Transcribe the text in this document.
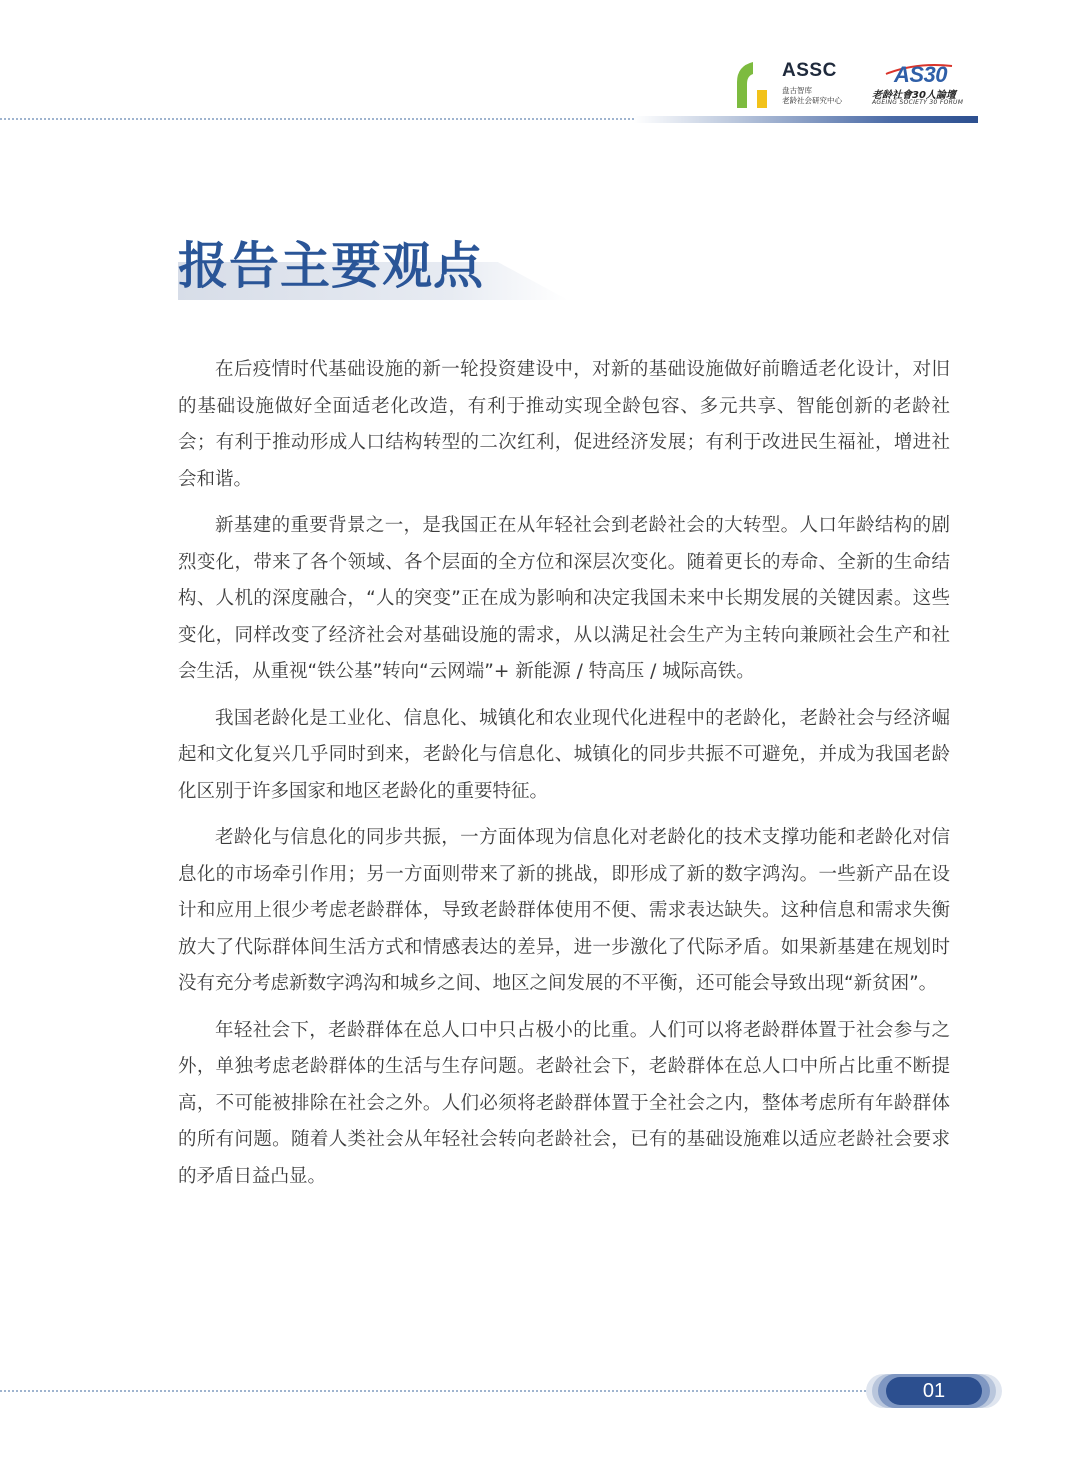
ASSC
盘古智库
老龄社会研究中心
AS30
老龄社會30人論壇
AGEING SOCIETY 30 FORUM
报告主要观点

在后疫情时代基础设施的新一轮投资建设中，对新的基础设施做好前瞻适老化设计，对旧的基础设施做好全面适老化改造，有利于推动实现全龄包容、多元共享、智能创新的老龄社会；有利于推动形成人口结构转型的二次红利，促进经济发展；有利于改进民生福祉，增进社会和谐。

新基建的重要背景之一，是我国正在从年轻社会到老龄社会的大转型。人口年龄结构的剧烈变化，带来了各个领域、各个层面的全方位和深层次变化。随着更长的寿命、全新的生命结构、人机的深度融合，“人的突变”正在成为影响和决定我国未来中长期发展的关键因素。这些变化，同样改变了经济社会对基础设施的需求，从以满足社会生产为主转向兼顾社会生产和社会生活，从重视“铁公基”转向“云网端”+ 新能源 / 特高压 / 城际高铁。

我国老龄化是工业化、信息化、城镇化和农业现代化进程中的老龄化，老龄社会与经济崛起和文化复兴几乎同时到来，老龄化与信息化、城镇化的同步共振不可避免，并成为我国老龄化区别于许多国家和地区老龄化的重要特征。

老龄化与信息化的同步共振，一方面体现为信息化对老龄化的技术支撑功能和老龄化对信息化的市场牵引作用；另一方面则带来了新的挑战，即形成了新的数字鸿沟。一些新产品在设计和应用上很少考虑老龄群体，导致老龄群体使用不便、需求表达缺失。这种信息和需求失衡放大了代际群体间生活方式和情感表达的差异，进一步激化了代际矛盾。如果新基建在规划时没有充分考虑新数字鸿沟和城乡之间、地区之间发展的不平衡，还可能会导致出现“新贫困”。

年轻社会下，老龄群体在总人口中只占极小的比重。人们可以将老龄群体置于社会参与之外，单独考虑老龄群体的生活与生存问题。老龄社会下，老龄群体在总人口中所占比重不断提高，不可能被排除在社会之外。人们必须将老龄群体置于全社会之内，整体考虑所有年龄群体的所有问题。随着人类社会从年轻社会转向老龄社会，已有的基础设施难以适应老龄社会要求的矛盾日益凸显。

01
